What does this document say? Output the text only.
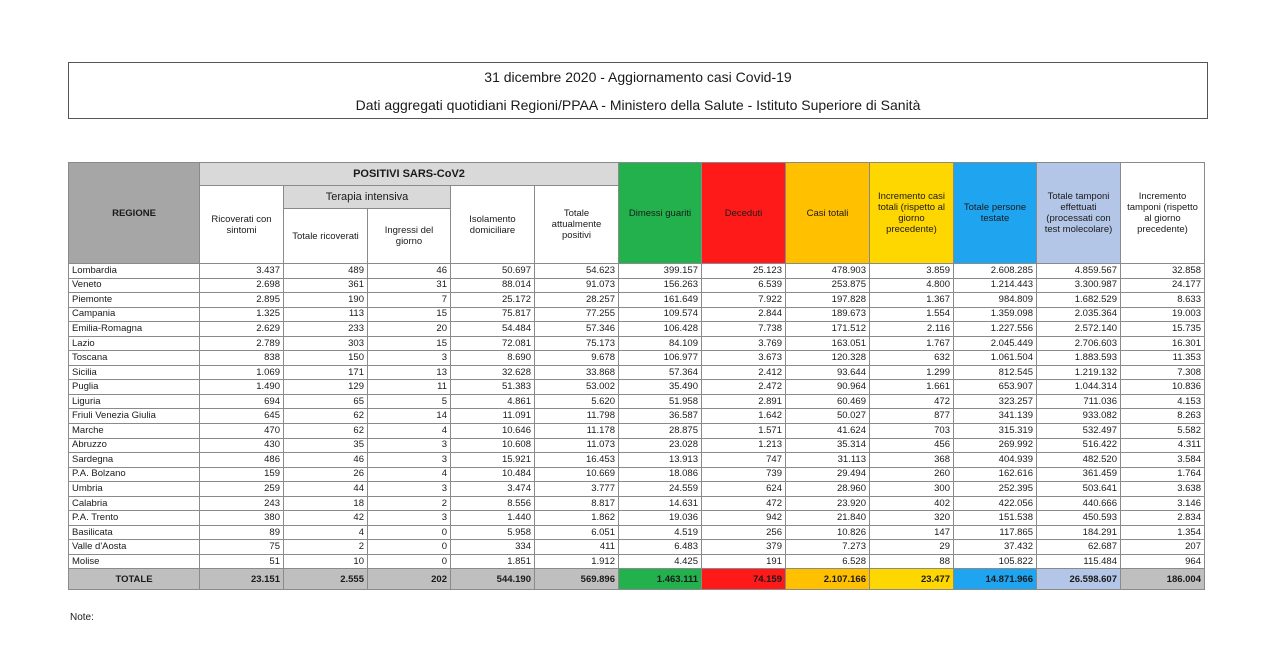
31 dicembre 2020 - Aggiornamento casi Covid-19
Dati aggregati quotidiani Regioni/PPAA - Ministero della Salute - Istituto Superiore di Sanità
REGIONE	POSITIVI SARS-CoV2					Dimessi guariti	Deceduti	Casi totali	Incremento casi totali (rispetto al giorno precedente)	Totale persone testate	Totale tamponi effettuati (processati con test molecolare)	Incremento tamponi (rispetto al giorno precedente)
	Ricoverati con sintomi	Terapia intensiva		Isolamento domiciliare	Totale attualmente positivi							
		Totale ricoverati	Ingressi del giorno									
Lombardia	3.437	489	46	50.697	54.623	399.157	25.123	478.903	3.859	2.608.285	4.859.567	32.858
Veneto	2.698	361	31	88.014	91.073	156.263	6.539	253.875	4.800	1.214.443	3.300.987	24.177
Piemonte	2.895	190	7	25.172	28.257	161.649	7.922	197.828	1.367	984.809	1.682.529	8.633
Campania	1.325	113	15	75.817	77.255	109.574	2.844	189.673	1.554	1.359.098	2.035.364	19.003
Emilia-Romagna	2.629	233	20	54.484	57.346	106.428	7.738	171.512	2.116	1.227.556	2.572.140	15.735
Lazio	2.789	303	15	72.081	75.173	84.109	3.769	163.051	1.767	2.045.449	2.706.603	16.301
Toscana	838	150	3	8.690	9.678	106.977	3.673	120.328	632	1.061.504	1.883.593	11.353
Sicilia	1.069	171	13	32.628	33.868	57.364	2.412	93.644	1.299	812.545	1.219.132	7.308
Puglia	1.490	129	11	51.383	53.002	35.490	2.472	90.964	1.661	653.907	1.044.314	10.836
Liguria	694	65	5	4.861	5.620	51.958	2.891	60.469	472	323.257	711.036	4.153
Friuli Venezia Giulia	645	62	14	11.091	11.798	36.587	1.642	50.027	877	341.139	933.082	8.263
Marche	470	62	4	10.646	11.178	28.875	1.571	41.624	703	315.319	532.497	5.582
Abruzzo	430	35	3	10.608	11.073	23.028	1.213	35.314	456	269.992	516.422	4.311
Sardegna	486	46	3	15.921	16.453	13.913	747	31.113	368	404.939	482.520	3.584
P.A. Bolzano	159	26	4	10.484	10.669	18.086	739	29.494	260	162.616	361.459	1.764
Umbria	259	44	3	3.474	3.777	24.559	624	28.960	300	252.395	503.641	3.638
Calabria	243	18	2	8.556	8.817	14.631	472	23.920	402	422.056	440.666	3.146
P.A. Trento	380	42	3	1.440	1.862	19.036	942	21.840	320	151.538	450.593	2.834
Basilicata	89	4	0	5.958	6.051	4.519	256	10.826	147	117.865	184.291	1.354
Valle d'Aosta	75	2	0	334	411	6.483	379	7.273	29	37.432	62.687	207
Molise	51	10	0	1.851	1.912	4.425	191	6.528	88	105.822	115.484	964
TOTALE	23.151	2.555	202	544.190	569.896	1.463.111	74.159	2.107.166	23.477	14.871.966	26.598.607	186.004
Note:
